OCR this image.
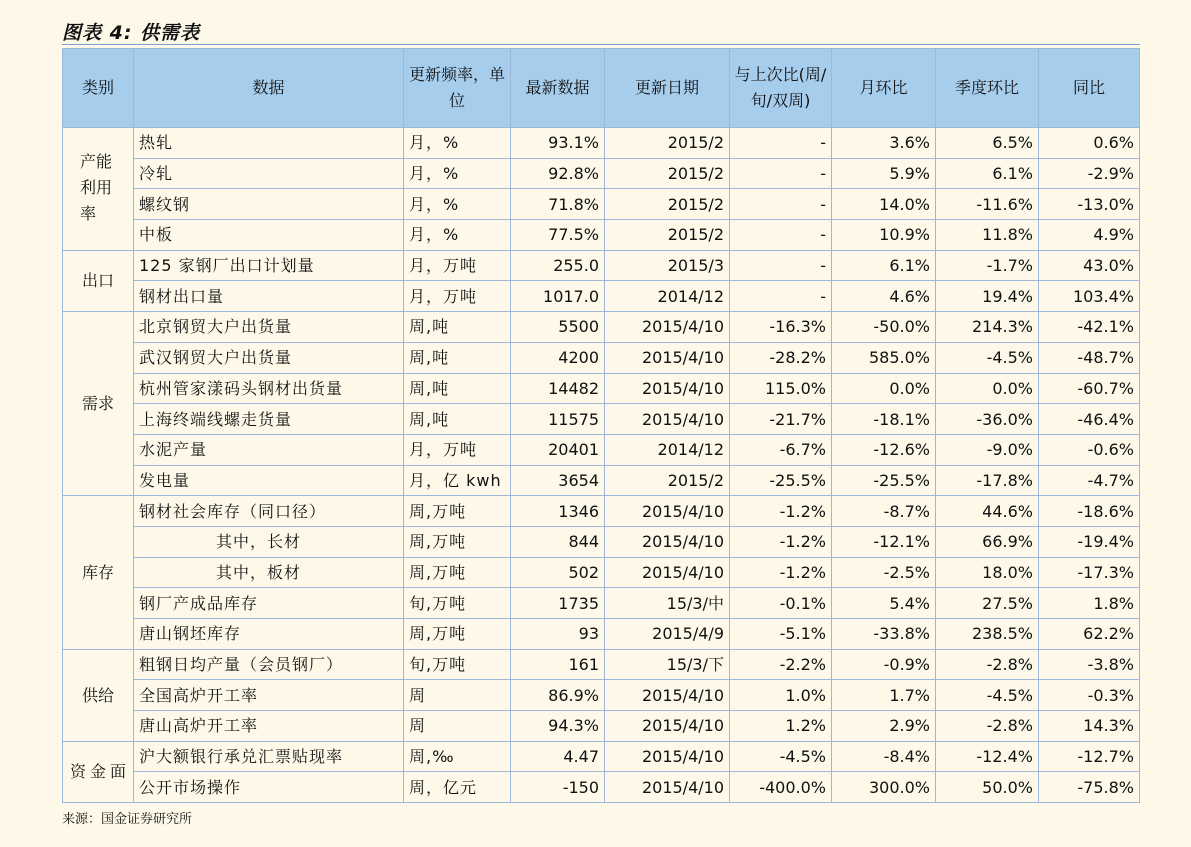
图表 4: 供需表
类别	数据	更新频率，单位	最新数据	更新日期	与上次比(周/旬/双周)	月环比	季度环比	同比
产能利用率	热轧	月，%	93.1%	2015/2	-	3.6%	6.5%	0.6%
	冷轧	月，%	92.8%	2015/2	-	5.9%	6.1%	-2.9%
	螺纹钢	月，%	71.8%	2015/2	-	14.0%	-11.6%	-13.0%
	中板	月，%	77.5%	2015/2	-	10.9%	11.8%	4.9%
出口	125 家钢厂出口计划量	月，万吨	255.0	2015/3	-	6.1%	-1.7%	43.0%
	钢材出口量	月，万吨	1017.0	2014/12	-	4.6%	19.4%	103.4%
需求	北京钢贸大户出货量	周,吨	5500	2015/4/10	-16.3%	-50.0%	214.3%	-42.1%
	武汉钢贸大户出货量	周,吨	4200	2015/4/10	-28.2%	585.0%	-4.5%	-48.7%
	杭州管家漾码头钢材出货量	周,吨	14482	2015/4/10	115.0%	0.0%	0.0%	-60.7%
	上海终端线螺走货量	周,吨	11575	2015/4/10	-21.7%	-18.1%	-36.0%	-46.4%
	水泥产量	月，万吨	20401	2014/12	-6.7%	-12.6%	-9.0%	-0.6%
	发电量	月，亿 kwh	3654	2015/2	-25.5%	-25.5%	-17.8%	-4.7%
库存	钢材社会库存（同口径）	周,万吨	1346	2015/4/10	-1.2%	-8.7%	44.6%	-18.6%
	其中，长材	周,万吨	844	2015/4/10	-1.2%	-12.1%	66.9%	-19.4%
	其中，板材	周,万吨	502	2015/4/10	-1.2%	-2.5%	18.0%	-17.3%
	钢厂产成品库存	旬,万吨	1735	15/3/中	-0.1%	5.4%	27.5%	1.8%
	唐山钢坯库存	周,万吨	93	2015/4/9	-5.1%	-33.8%	238.5%	62.2%
供给	粗钢日均产量（会员钢厂）	旬,万吨	161	15/3/下	-2.2%	-0.9%	-2.8%	-3.8%
	全国高炉开工率	周	86.9%	2015/4/10	1.0%	1.7%	-4.5%	-0.3%
	唐山高炉开工率	周	94.3%	2015/4/10	1.2%	2.9%	-2.8%	14.3%
资金面	沪大额银行承兑汇票贴现率	周,‰	4.47	2015/4/10	-4.5%	-8.4%	-12.4%	-12.7%
	公开市场操作	周，亿元	-150	2015/4/10	-400.0%	300.0%	50.0%	-75.8%
来源：国金证券研究所
